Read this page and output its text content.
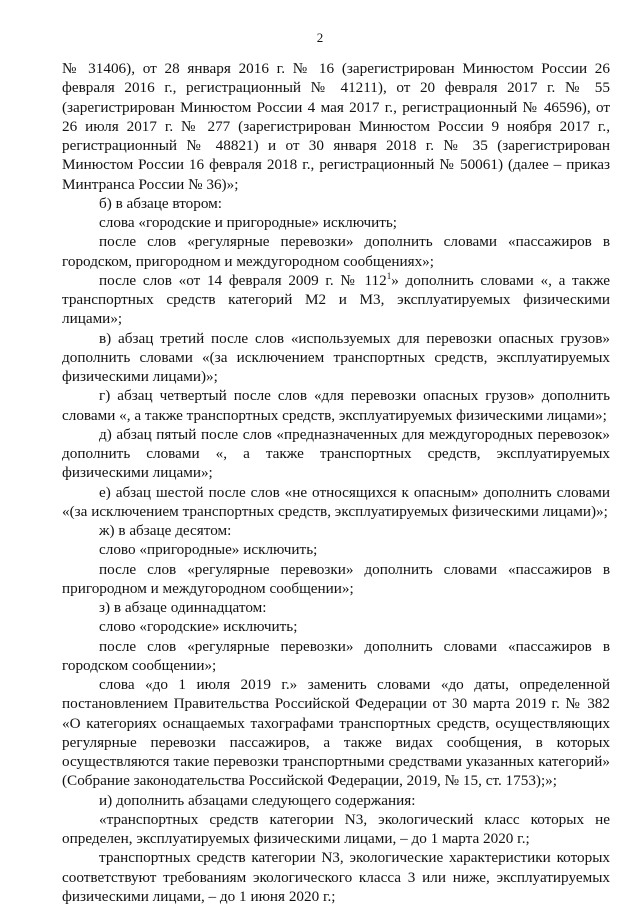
2

№ 31406), от 28 января 2016 г. № 16 (зарегистрирован Минюстом России 26 февраля 2016 г., регистрационный № 41211), от 20 февраля 2017 г. № 55 (зарегистрирован Минюстом России 4 мая 2017 г., регистрационный № 46596), от 26 июля 2017 г. № 277 (зарегистрирован Минюстом России 9 ноября 2017 г., регистрационный № 48821) и от 30 января 2018 г. № 35 (зарегистрирован Минюстом России 16 февраля 2018 г., регистрационный № 50061) (далее – приказ Минтранса России № 36)»;

б) в абзаце втором:

слова «городские и пригородные» исключить;

после слов «регулярные перевозки» дополнить словами «пассажиров в городском, пригородном и междугородном сообщениях»;

после слов «от 14 февраля 2009 г. № $112^1$» дополнить словами «, а также транспортных средств категорий М2 и М3, эксплуатируемых физическими лицами»;

в) абзац третий после слов «используемых для перевозки опасных грузов» дополнить словами «(за исключением транспортных средств, эксплуатируемых физическими лицами)»;

г) абзац четвертый после слов «для перевозки опасных грузов» дополнить словами «, а также транспортных средств, эксплуатируемых физическими лицами»;

д) абзац пятый после слов «предназначенных для междугородных перевозок» дополнить словами «, а также транспортных средств, эксплуатируемых физическими лицами»;

е) абзац шестой после слов «не относящихся к опасным» дополнить словами «(за исключением транспортных средств, эксплуатируемых физическими лицами)»;

ж) в абзаце десятом:

слово «пригородные» исключить;

после слов «регулярные перевозки» дополнить словами «пассажиров в пригородном и междугородном сообщении»;

з) в абзаце одиннадцатом:

слово «городские» исключить;

после слов «регулярные перевозки» дополнить словами «пассажиров в городском сообщении»;

слова «до 1 июля 2019 г.» заменить словами «до даты, определенной постановлением Правительства Российской Федерации от 30 марта 2019 г. № 382 «О категориях оснащаемых тахографами транспортных средств, осуществляющих регулярные перевозки пассажиров, а также видах сообщения, в которых осуществляются такие перевозки транспортными средствами указанных категорий» (Собрание законодательства Российской Федерации, 2019, № 15, ст. 1753);»;

и) дополнить абзацами следующего содержания:

«транспортных средств категории N3, экологический класс которых не определен, эксплуатируемых физическими лицами, – до 1 марта 2020 г.;

транспортных средств категории N3, экологические характеристики которых соответствуют требованиям экологического класса 3 или ниже, эксплуатируемых физическими лицами, – до 1 июня 2020 г.;
